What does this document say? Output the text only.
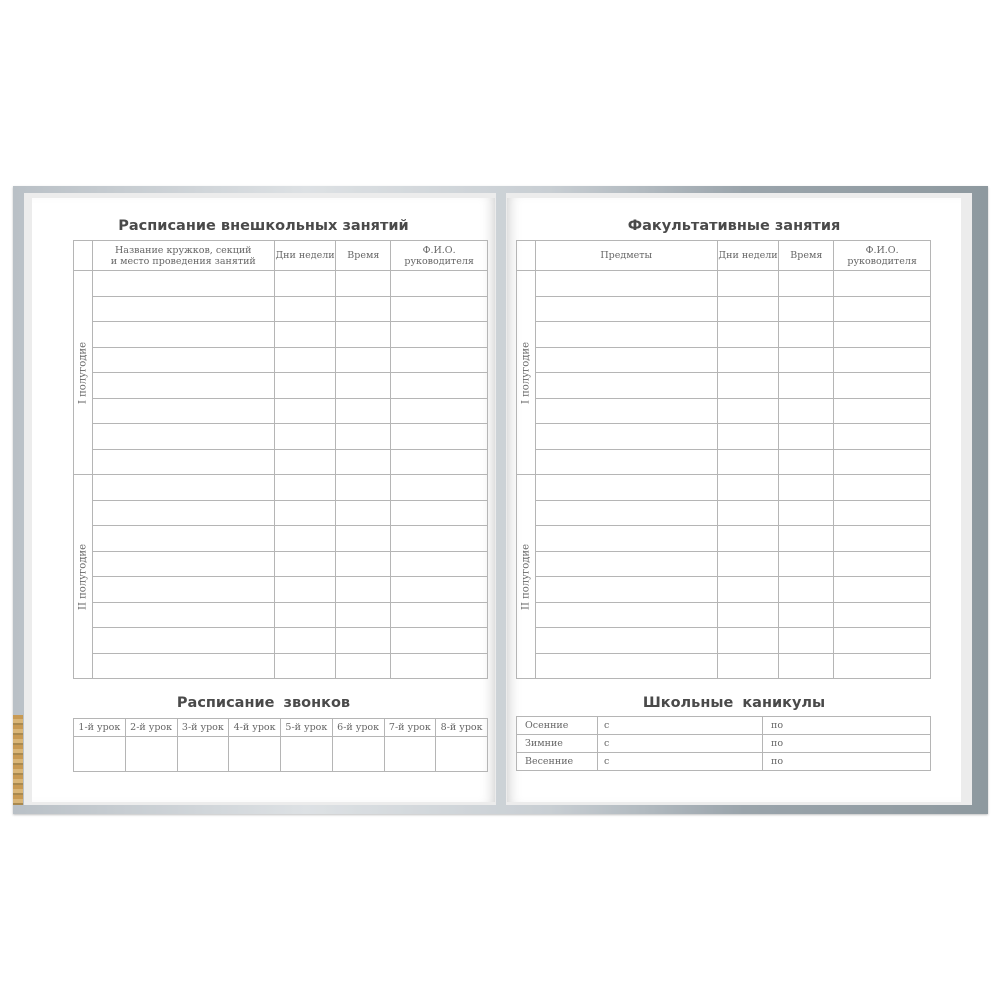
Расписание внешкольных занятий
	Название кружков, секций
и место проведения занятий	Дни недели	Время	Ф.И.О.
руководителя

I полугодие				

II полугодие				

Расписание звонков
1-й урок	2-й урок	3-й урок	4-й урок	5-й урок	6-й урок	7-й урок	8-й урок

Факультативные занятия
	Предметы	Дни недели	Время	Ф.И.О.
руководителя

I полугодие				

II полугодие				

Школьные каникулы
Осенние	с	по
Зимние	с	по
Весенние	с	по
